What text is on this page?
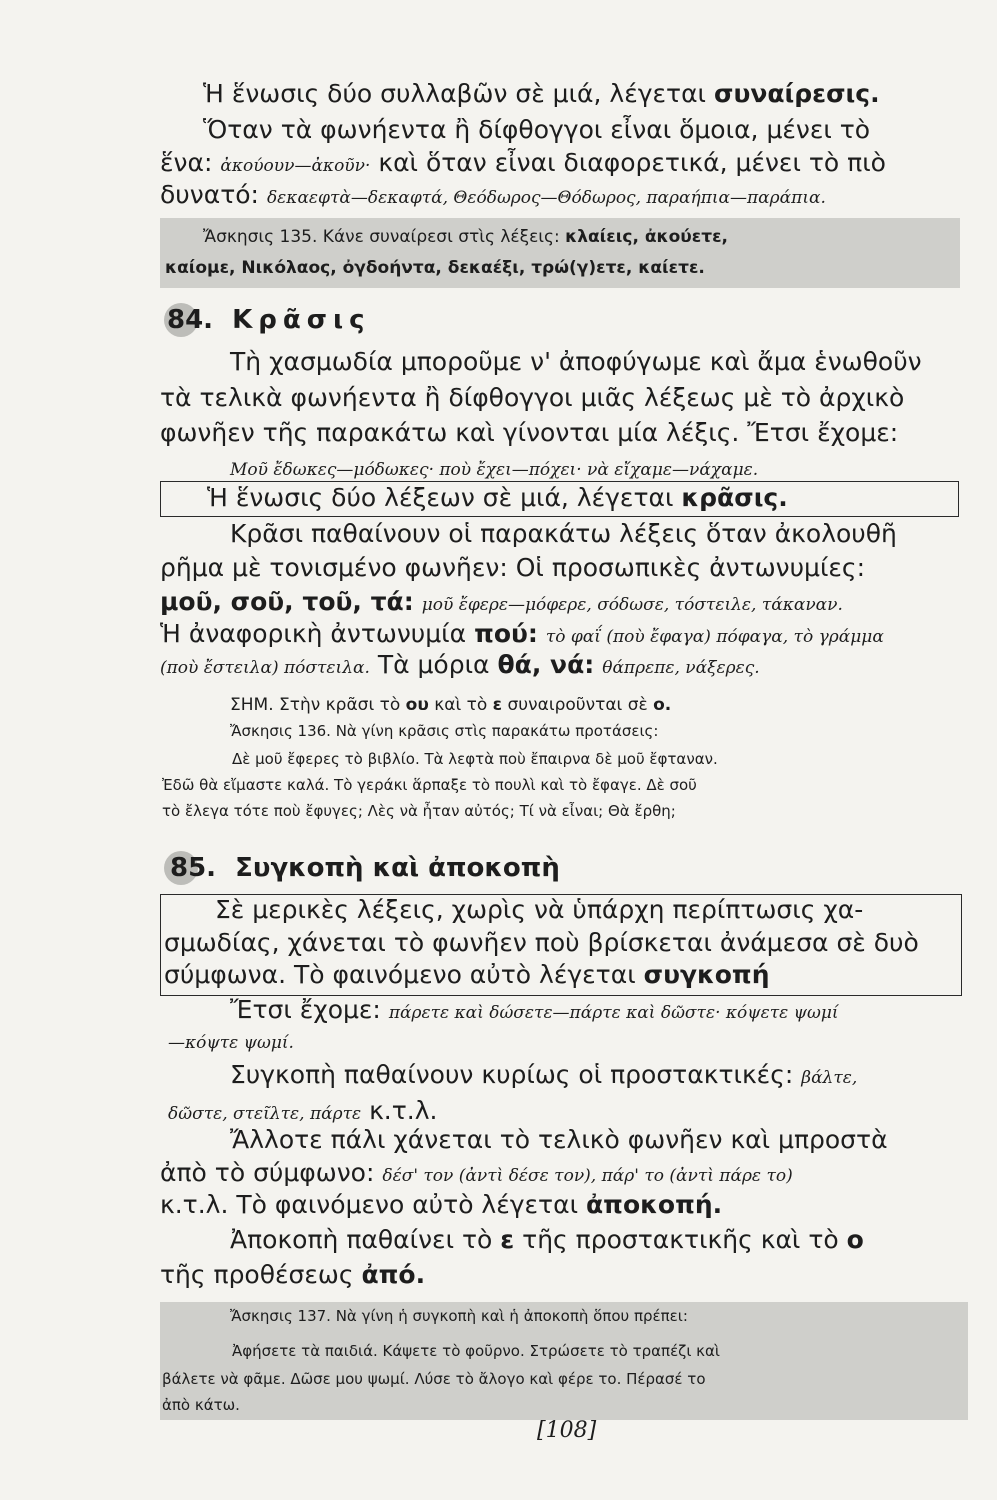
Ἡ ἕνωσις δύο συλλαβῶν σὲ μιά, λέγεται συναίρεσις.
Ὅταν τὰ φωνήεντα ἢ δίφθογγοι εἶναι ὅμοια, μένει τὸ
ἕνα: ἀκούουν—ἀκοῦν· καὶ ὅταν εἶναι διαφορετικά, μένει τὸ πιὸ
δυνατό: δεκαεφτὰ—δεκαφτά, Θεόδωρος—Θόδωρος, παραήπια—παράπια.
Ἄσκησις 135. Κάνε συναίρεσι στὶς λέξεις: κλαίεις, ἀκούετε,
καίομε, Νικόλαος, ὀγδοήντα, δεκαέξι, τρώ(γ)ετε, καίετε.
84. Κρᾶσις
Τὴ χασμωδία μποροῦμε ν' ἀποφύγωμε καὶ ἄμα ἑνωθοῦν
τὰ τελικὰ φωνήεντα ἢ δίφθογγοι μιᾶς λέξεως μὲ τὸ ἀρχικὸ
φωνῆεν τῆς παρακάτω καὶ γίνονται μία λέξις. Ἔτσι ἔχομε:
Μοῦ ἔδωκες—μόδωκες· ποὺ ἔχει—πόχει· νὰ εἴχαμε—νάχαμε.
Ἡ ἕνωσις δύο λέξεων σὲ μιά, λέγεται κρᾶσις.
Κρᾶσι παθαίνουν οἱ παρακάτω λέξεις ὅταν ἀκολουθῆ
ρῆμα μὲ τονισμένο φωνῆεν: Οἱ προσωπικὲς ἀντωνυμίες:
μοῦ, σοῦ, τοῦ, τά: μοῦ ἔφερε—μόφερε, σόδωσε, τόστειλε, τάκαναν.
Ἡ ἀναφορικὴ ἀντωνυμία πού: τὸ φαΐ (ποὺ ἔφαγα) πόφαγα, τὸ γράμμα
(ποὺ ἔστειλα) πόστειλα. Τὰ μόρια θά, νά: θάπρεπε, νάξερες.
ΣΗΜ. Στὴν κρᾶσι τὸ ου καὶ τὸ ε συναιροῦνται σὲ ο.
Ἄσκησις 136. Νὰ γίνη κρᾶσις στὶς παρακάτω προτάσεις:
Δὲ μοῦ ἔφερες τὸ βιβλίο. Τὰ λεφτὰ ποὺ ἔπαιρνα δὲ μοῦ ἔφταναν.
Ἐδῶ θὰ εἴμαστε καλά. Τὸ γεράκι ἅρπαξε τὸ πουλὶ καὶ τὸ ἔφαγε. Δὲ σοῦ
τὸ ἔλεγα τότε ποὺ ἔφυγες; Λὲς νὰ ἦταν αὐτός; Τί νὰ εἶναι; Θὰ ἔρθη;
85. Συγκοπὴ καὶ ἀποκοπὴ
Σὲ μερικὲς λέξεις, χωρὶς νὰ ὑπάρχη περίπτωσις χα-
σμωδίας, χάνεται τὸ φωνῆεν ποὺ βρίσκεται ἀνάμεσα σὲ δυὸ
σύμφωνα. Τὸ φαινόμενο αὐτὸ λέγεται συγκοπή
Ἔτσι ἔχομε: πάρετε καὶ δώσετε—πάρτε καὶ δῶστε· κόψετε ψωμί
—κόψτε ψωμί.
Συγκοπὴ παθαίνουν κυρίως οἱ προστακτικές: βάλτε,
δῶστε, στεῖλτε, πάρτε κ.τ.λ.
Ἄλλοτε πάλι χάνεται τὸ τελικὸ φωνῆεν καὶ μπροστὰ
ἀπὸ τὸ σύμφωνο: δέσ' τον (ἀντὶ δέσε τον), πάρ' το (ἀντὶ πάρε το)
κ.τ.λ. Τὸ φαινόμενο αὐτὸ λέγεται ἀποκοπή.
Ἀποκοπὴ παθαίνει τὸ ε τῆς προστακτικῆς καὶ τὸ ο
τῆς προθέσεως ἀπό.
Ἄσκησις 137. Νὰ γίνη ἡ συγκοπὴ καὶ ἡ ἀποκοπὴ ὅπου πρέπει:
Ἀφήσετε τὰ παιδιά. Κάψετε τὸ φοῦρνο. Στρώσετε τὸ τραπέζι καὶ
βάλετε νὰ φᾶμε. Δῶσε μου ψωμί. Λύσε τὸ ἄλογο καὶ φέρε το. Πέρασέ το
ἀπὸ κάτω.
[108]
